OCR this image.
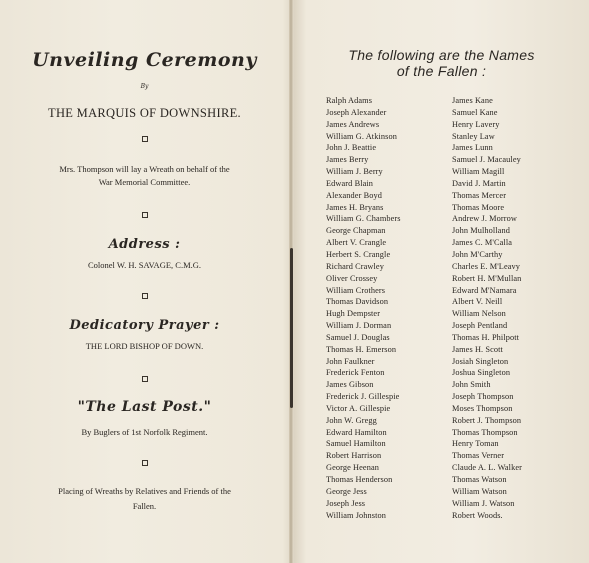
Unveiling Ceremony
By
THE MARQUIS OF DOWNSHIRE.
Mrs. Thompson will lay a Wreath on behalf of the
War Memorial Committee.
Address :
Colonel W. H. SAVAGE, C.M.G.
Dedicatory Prayer :
THE LORD BISHOP OF DOWN.
"The Last Post."
By Buglers of 1st Norfolk Regiment.
Placing of Wreaths by Relatives and Friends of the
Fallen.
The following are the Names
of the Fallen :
Ralph Adams
Joseph Alexander
James Andrews
William G. Atkinson
John J. Beattie
James Berry
William J. Berry
Edward Blain
Alexander Boyd
James H. Bryans
William G. Chambers
George Chapman
Albert V. Crangle
Herbert S. Crangle
Richard Crawley
Oliver Crossey
William Crothers
Thomas Davidson
Hugh Dempster
William J. Dorman
Samuel J. Douglas
Thomas H. Emerson
John Faulkner
Frederick Fenton
James Gibson
Frederick J. Gillespie
Victor A. Gillespie
John W. Gregg
Edward Hamilton
Samuel Hamilton
Robert Harrison
George Heenan
Thomas Henderson
George Jess
Joseph Jess
William Johnston
James Kane
Samuel Kane
Henry Lavery
Stanley Law
James Lunn
Samuel J. Macauley
William Magill
David J. Martin
Thomas Mercer
Thomas Moore
Andrew J. Morrow
John Mulholland
James C. M'Calla
John M'Carthy
Charles E. M'Leavy
Robert H. M'Mullan
Edward M'Namara
Albert V. Neill
William Nelson
Joseph Pentland
Thomas H. Philpott
James H. Scott
Josiah Singleton
Joshua Singleton
John Smith
Joseph Thompson
Moses Thompson
Robert J. Thompson
Thomas Thompson
Henry Toman
Thomas Verner
Claude A. L. Walker
Thomas Watson
William Watson
William J. Watson
Robert Woods.
